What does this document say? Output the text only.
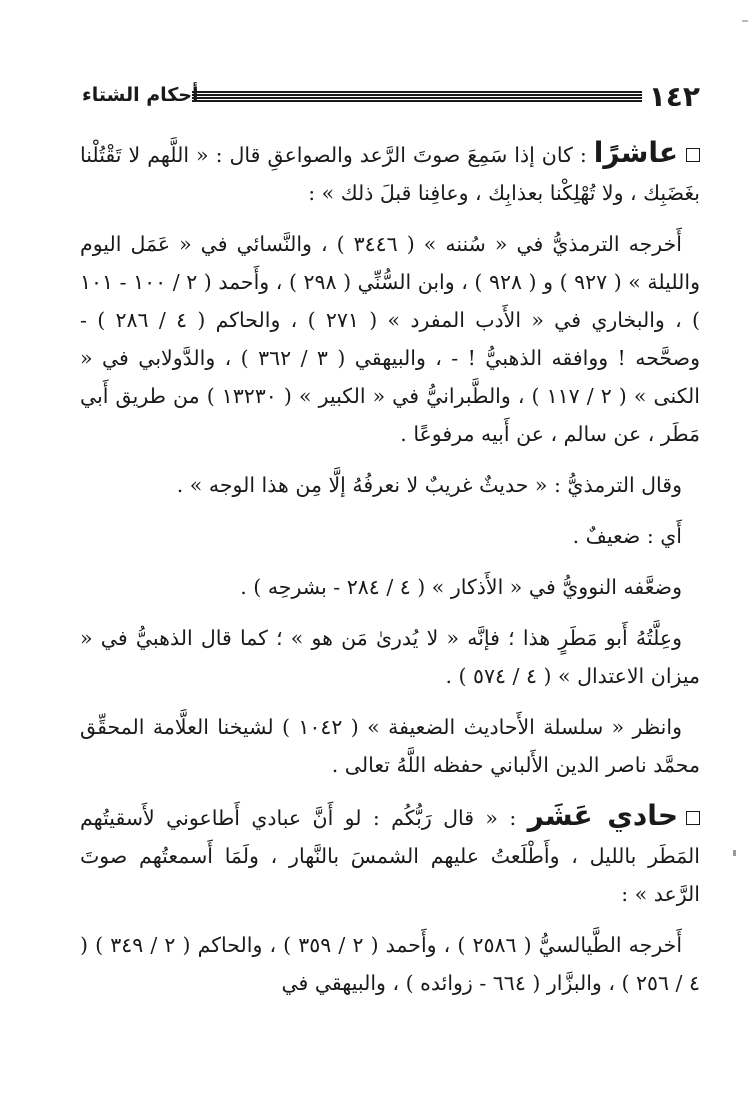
١٤٢
أحكام الشتاء

عاشرًا : كان إذا سَمِعَ صوتَ الرَّعد والصواعقِ قال : « اللَّهم لا تَقْتُلْنا بغَضَبِك ، ولا تُهْلِكْنا بعذابِك ، وعافِنا قبلَ ذلك » :

أَخرجه الترمذيُّ في « سُننه » ( ٣٤٤٦ ) ، والنَّسائي في « عَمَل اليوم والليلة » ( ٩٢٧ ) و ( ٩٢٨ ) ، وابن السُّنِّي ( ٢٩٨ ) ، وأَحمد ( ٢ / ١٠٠ - ١٠١ ) ، والبخاري في « الأَدب المفرد » ( ٢٧١ ) ، والحاكم ( ٤ / ٢٨٦ ) - وصحَّحه ! ووافقه الذهبيُّ ! - ، والبيهقي ( ٣ / ٣٦٢ ) ، والدَّولابي في « الكنى » ( ٢ / ١١٧ ) ، والطَّبرانيُّ في « الكبير » ( ١٣٢٣٠ ) من طريق أَبي مَطَر ، عن سالم ، عن أَبيه مرفوعًا .

وقال الترمذيُّ : « حديثٌ غريبٌ لا نعرفُهُ إلَّا مِن هذا الوجه » .

أَي : ضعيفٌ .

وضعَّفه النوويُّ في « الأَذكار » ( ٤ / ٢٨٤ - بشرحِه ) .

وعِلَّتُهُ أَبو مَطَرٍ هذا ؛ فإنَّه « لا يُدرىٰ مَن هو » ؛ كما قال الذهبيُّ في « ميزان الاعتدال » ( ٤ / ٥٧٤ ) .

وانظر « سلسلة الأَحاديث الضعيفة » ( ١٠٤٢ ) لشيخنا العلَّامة المحقِّق محمَّد ناصر الدين الأَلباني حفظه اللَّهُ تعالى .

حادي عَشَر : « قال رَبُّكُم : لو أَنَّ عبادي أَطاعوني لأَسقيتُهم المَطَر بالليل ، وأَطْلَعتُ عليهم الشمسَ بالنَّهار ، ولَمَا أَسمعتُهم صوتَ الرَّعد » :

أَخرجه الطَّيالسيُّ ( ٢٥٨٦ ) ، وأَحمد ( ٢ / ٣٥٩ ) ، والحاكم ( ٢ / ٣٤٩ ) ( ٤ / ٢٥٦ ) ، والبزَّار ( ٦٦٤ - زوائده ) ، والبيهقي في
